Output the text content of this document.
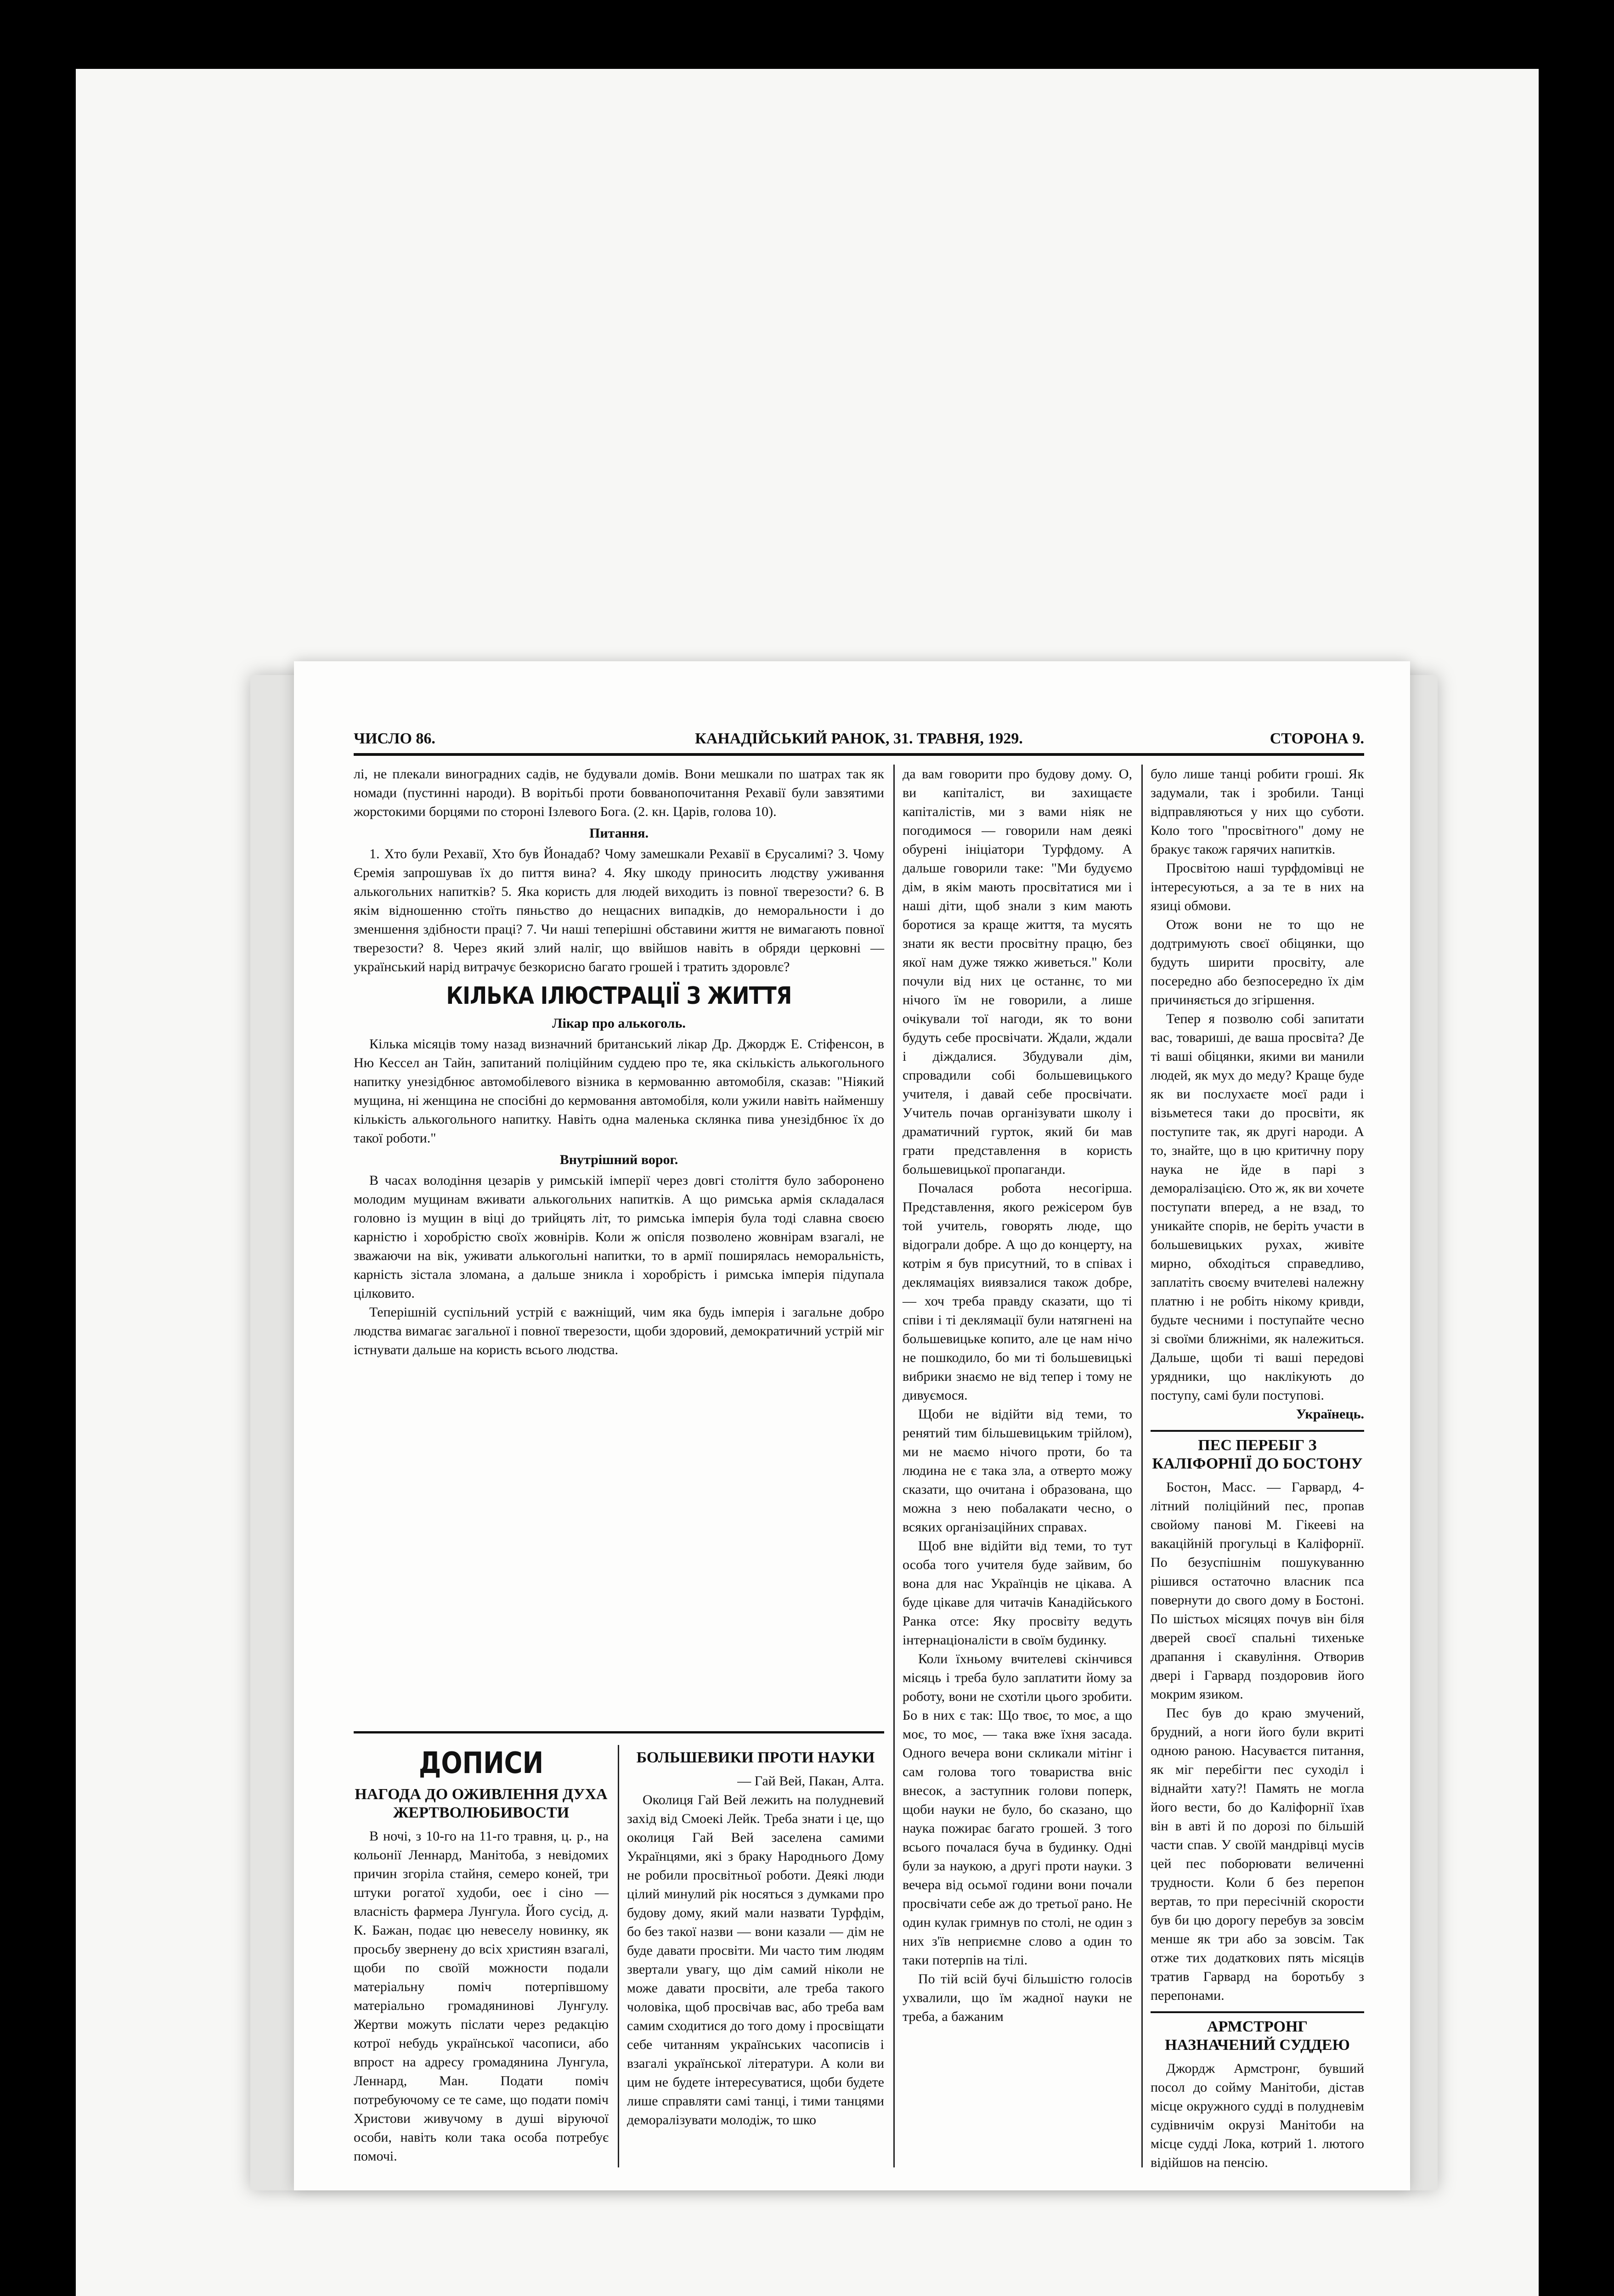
ЧИСЛО 86.	КАНАДІЙСЬКИЙ РАНОК, 31. ТРАВНЯ, 1929.	СТОРОНА 9.

лі, не плекали виноградних садів, не будували домів. Вони мешкали по шатрах так як номади (пустинні народи). В ворітьбі проти бовванопочитання Рехавії були завзятими жорстокими борцями по стороні Ізлевого Бога. (2. кн. Царів, голова 10).

Питання.

1. Хто були Рехавії, Хто був Йонадаб? Чому замешкали Рехавії в Єрусалимі? 3. Чому Єремія запрошував їх до пиття вина? 4. Яку шкоду приносить людству уживання алькогольних напитків? 5. Яка користь для людей виходить із повної тверезости? 6. В якім відношенню стоїть пяньство до нещасних випадків, до неморальности і до зменшення здібности праці? 7. Чи наші теперішні обставини життя не вимагають повної тверезости? 8. Через який злий наліг, що ввійшов навіть в обряди церковні — український нарід витрачує безкорисно багато грошей і тратить здоровлє?

КІЛЬКА ІЛЮСТРАЦІЇ З ЖИТТЯ
Лікар про алькоголь.

Кілька місяців тому назад визначний британський лікар Др. Джордж Е. Стіфенсон, в Ню Кессел ан Тайн, запитаний поліційним суддею про те, яка скількість алькогольного напитку унезідбнює автомобілевого візника в кермованню автомобіля, сказав: "Ніякий мущина, ні женщина не спосібні до кермовання автомобіля, коли ужили навіть найменшу кількість алькогольного напитку. Навіть одна маленька склянка пива унезідбнює їх до такої роботи."

Внутрішний ворог.

В часах володіння цезарів у римській імперії через довгі століття було заборонено молодим мущинам вживати алькогольних напитків. А що римська армія складалася головно із мущин в віці до трийцять літ, то римська імперія була тоді славна своєю карністю і хоробрістю своїх жовнірів. Коли ж опісля позволено жовнірам взагалі, не зважаючи на вік, уживати алькогольні напитки, то в армії поширялась неморальність, карність зістала зломана, а дальше зникла і хоробрість і римська імперія підупала цілковито.

Теперішній суспільний устрій є важніщий, чим яка будь імперія і загальне добро людства вимагає загальної і повної тверезости, щоби здоровий, демократичний устрій міг істнувати дальше на користь всього людства.

ДОПИСИ
НАГОДА ДО ОЖИВЛЕННЯ ДУХА ЖЕРТВОЛЮБИВОСТИ

В ночі, з 10-го на 11-го травня, ц. р., на кольонії Леннард, Манітоба, з невідомих причин згоріла стайня, семеро коней, три штуки рогатої худоби, оеє і сіно — власність фармера Лунгула. Його сусід, д. К. Бажан, подає цю невеселу новинку, як просьбу звернену до всіх християн взагалі, щоби по своїй можности подали матеріальну поміч потерпівшому матеріально громадянинові Лунгулу. Жертви можуть післати через редакцію котрої небудь української часописи, або впрост на адресу громадянина Лунгула, Леннард, Ман. Подати поміч потребуючому се те саме, що подати поміч Христови живучому в душі віруючої особи, навіть коли така особа потребує помочі.

БОЛЬШЕВИКИ ПРОТИ НАУКИ
— Гай Вей, Пакан, Алта.

Околиця Гай Вей лежить на полудневий захід від Смоекі Лейк. Треба знати і це, що околиця Гай Вей заселена самими Українцями, які з браку Народнього Дому не робили просвітньої роботи. Деякі люди цілий минулий рік носяться з думками про будову дому, який мали назвати Турфдім, бо без такої назви — вони казали — дім не буде давати просвіти. Ми часто тим людям звертали увагу, що дім самий ніколи не може давати просвіти, але треба такого чоловіка, щоб просвічав вас, або треба вам самим сходитися до того дому і просвіщати себе читанням українських часописів і взагалі української літератури. А коли ви цим не будете інтересуватися, щоби будете лише справляти самі танці, і тими танцями деморалізувати молодіж, то шко

да вам говорити про будову дому. О, ви капіталіст, ви захищаєте капіталістів, ми з вами ніяк не погодимося — говорили нам деякі обурені ініціатори Турфдому. А дальше говорили таке: "Ми будуємо дім, в якім мають просвітатися ми і наші діти, щоб знали з ким мають боротися за краще життя, та мусять знати як вести просвітну працю, без якої нам дуже тяжко живеться." Коли почули від них це останнє, то ми нічого їм не говорили, а лише очікували тої нагоди, як то вони будуть себе просвічати. Ждали, ждали і діждалися. Збудували дім, спровадили собі большевицького учителя, і давай себе просвічати. Учитель почав організувати школу і драматичний гурток, який би мав грати представлення в користь большевицької пропаганди.

Почалася робота несогірша. Представлення, якого режісером був той учитель, говорять люде, що відограли добре. А що до концерту, на котрім я був присутний, то в співах і деклямаціях виявзалися також добре, — хоч треба правду сказати, що ті співи і ті деклямації були натягнені на большевицьке копито, але це нам нічо не пошкодило, бо ми ті большевицькі вибрики знаємо не від тепер і тому не дивуємося.

Щоби не відійти від теми, то ренятий тим більшевицьким трійлом), ми не маємо нічого проти, бо та людина не є така зла, а отверто можу сказати, що очитана і образована, що можна з нею побалакати чесно, о всяких організаційних справах.

Щоб вне відійти від теми, то тут особа того учителя буде зайвим, бо вона для нас Українців не цікава. А буде цікаве для читачів Канадійського Ранка отсе: Яку просвіту ведуть інтернаціоналісти в своїм будинку.

Коли їхньому вчителеві скінчився місяць і треба було заплатити йому за роботу, вони не схотіли цього зробити. Бо в них є так: Що твоє, то моє, а що моє, то моє, — така вже їхня засада. Одного вечера вони скликали мітінг і сам голова того товариства вніс внесок, а заступник голови поперк, щоби науки не було, бо сказано, що наука пожирає багато грошей. З того всього почалася бучa в будинку. Одні були за наукою, а другі проти науки. З вечера від осьмої години вони почали просвічати себе аж до третьої рано. Не один кулак гримнув по столі, не один з них з'їв неприємне слово а один то таки потерпів на тілі.

По тій всій бучі більшістю голосів ухвалили, що їм жадної науки не треба, а бажаним

було лише танці робити гроші. Як задумали, так і зробили. Танці відправляються у них що суботи. Коло того "просвітного" дому не бракує також гарячих напитків.

Просвітою наші турфдомівці не інтересуються, а за те в них на язиці обмови.

Отож вони не то що не додтримують своєї обіцянки, що будуть ширити просвіту, але посередно або безпосередно їх дім причиняється до згіршення.

Тепер я позволю собі запитати вас, товариші, де ваша просвіта? Де ті ваші обіцянки, якими ви манили людей, як мух до меду? Краще буде як ви послухаєте моєї ради і візьметеся таки до просвіти, як поступите так, як другі народи. А то, знайте, що в цю критичну пору наука не йде в парі з деморалізацією. Ото ж, як ви хочете поступати вперед, а не взад, то уникайте спорів, не беріть участи в большевицьких рухах, живіте мирно, обходіться справедливо, заплатіть своєму вчителеві належну платню і не робіть нікому кривди, будьте чесними і поступайте чесно зі своїми ближніми, як належиться. Дальше, щоби ті ваші передові урядники, що наклікують до поступу, самі були поступові.

Українець.
ПЕС ПЕРЕБІГ З КАЛІФОРНІЇ ДО БОСТОНУ

Бостон, Масс. — Гарвард, 4-літний поліційний пес, пропав свойому панові М. Гікееві на вакаційній прогульці в Каліфорнії. По безуспішнім пошукуванню рішився остаточно власник пса повернути до свого дому в Бостоні. По шістьох місяцях почув він біля дверей своєї спальні тихеньке драпання і скавуління. Отворив двері і Гарвард поздоровив його мокрим язиком.

Пес був до краю змучений, брудний, а ноги його були вкриті одною раною. Насуваєтся питання, як міг перебігти пес суходіл і віднайти хату?! Память не могла його вести, бо до Каліфорнії їхав він в авті й по дорозі по більшій части спав. У своїй мандрівці мусів цей пес поборювати величенні трудности. Коли б без перепон вертав, то при пересічній скорости був би цю дорогу перебув за зовсім менше як три або за зовсім. Так отже тих додаткових пять місяців тратив Гарвард на боротьбу з перепонами.

АРМСТРОНГ НАЗНАЧЕНИЙ СУДДЕЮ

Джордж Армстронг, бувший посол до сойму Манітоби, дістав місце окружного судді в полудневім судівничім окрузі Манітоби на місце судді Лока, котрий 1. лютого відійшов на пенсію.
